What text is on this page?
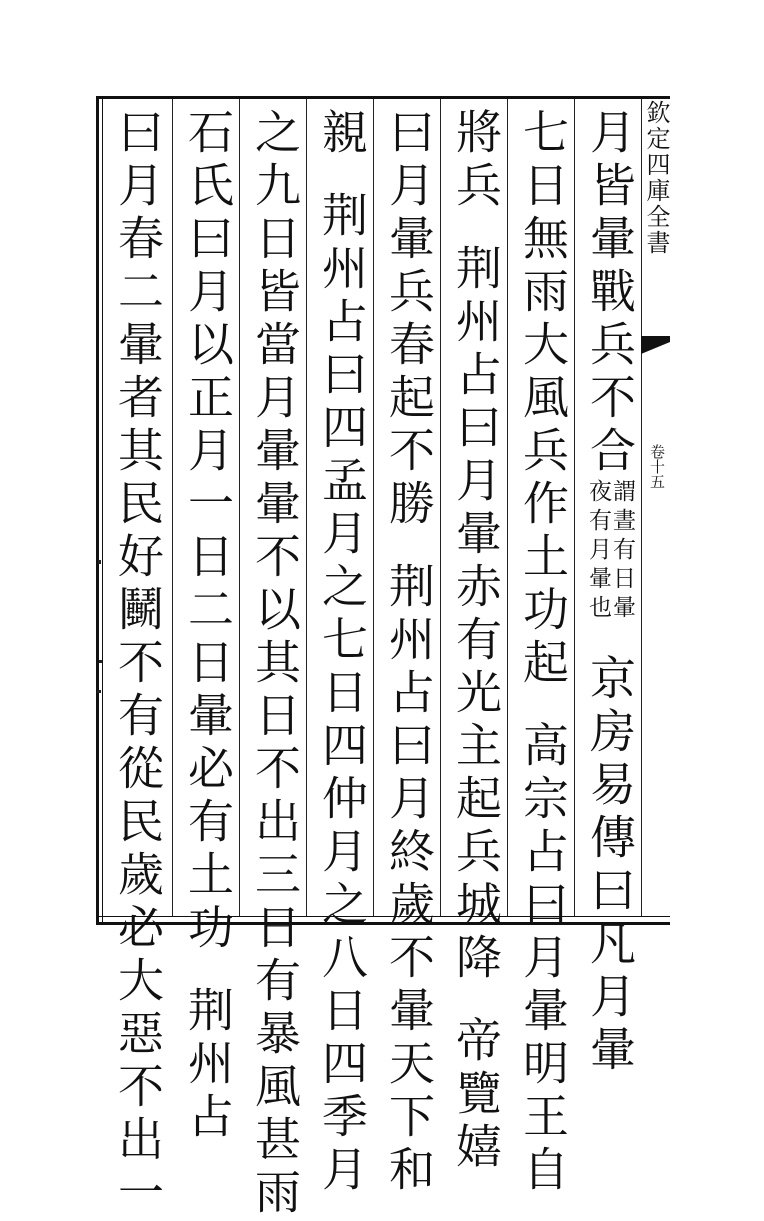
欽定四庫全書
卷十五
月皆暈戰兵不合
謂晝有日暈
夜有月暈也
京房易傳曰凡月暈
七日無雨大風兵作土功起高宗占曰月暈明王自
將兵荆州占曰月暈赤有光主起兵城降帝覽嬉
曰月暈兵春起不勝荆州占曰月終歲不暈天下和
親荆州占曰四孟月之七日四仲月之八日四季月
之九日皆當月暈暈不以其日不出三日有暴風甚雨
石氏曰月以正月一日二日暈必有土功荆州占
曰月春二暈者其民好鬭不有從民歲必大惡不出一
